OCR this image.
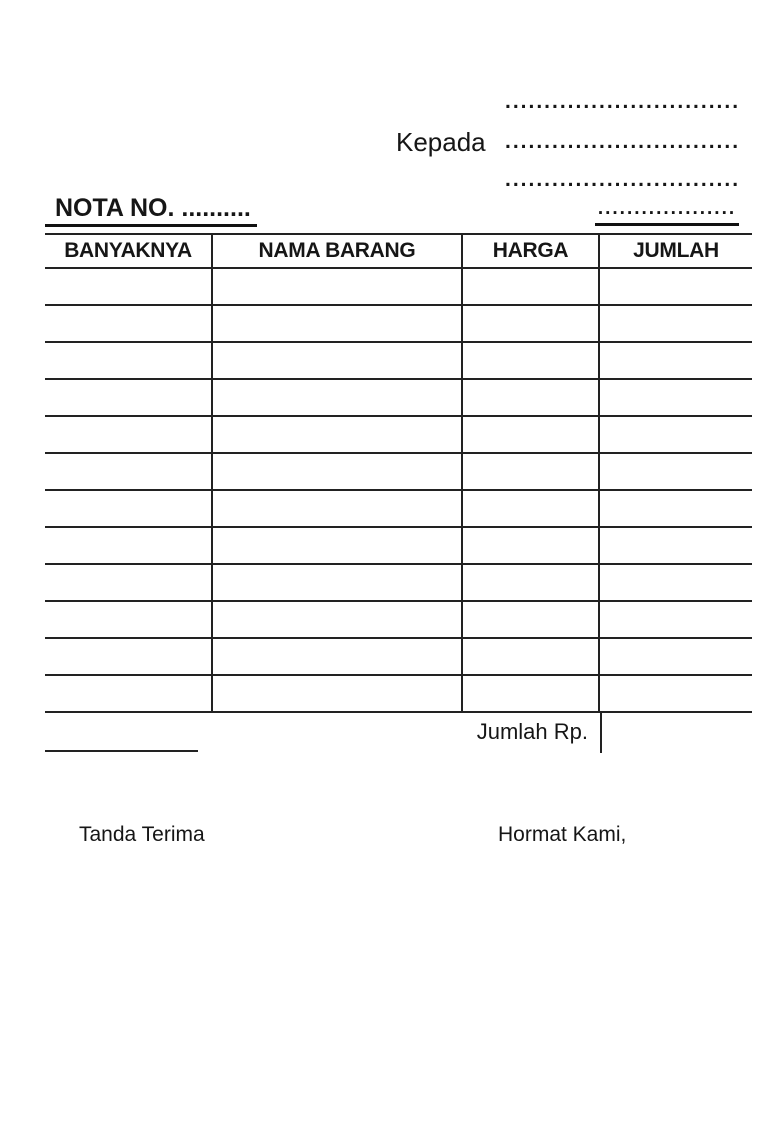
Kepada
..............................
..............................
..............................
NOTA NO. ..........	...................
BANYAKNYA	NAMA BARANG	HARGA	JUMLAH
Jumlah Rp.
Tanda Terima	Hormat Kami,
